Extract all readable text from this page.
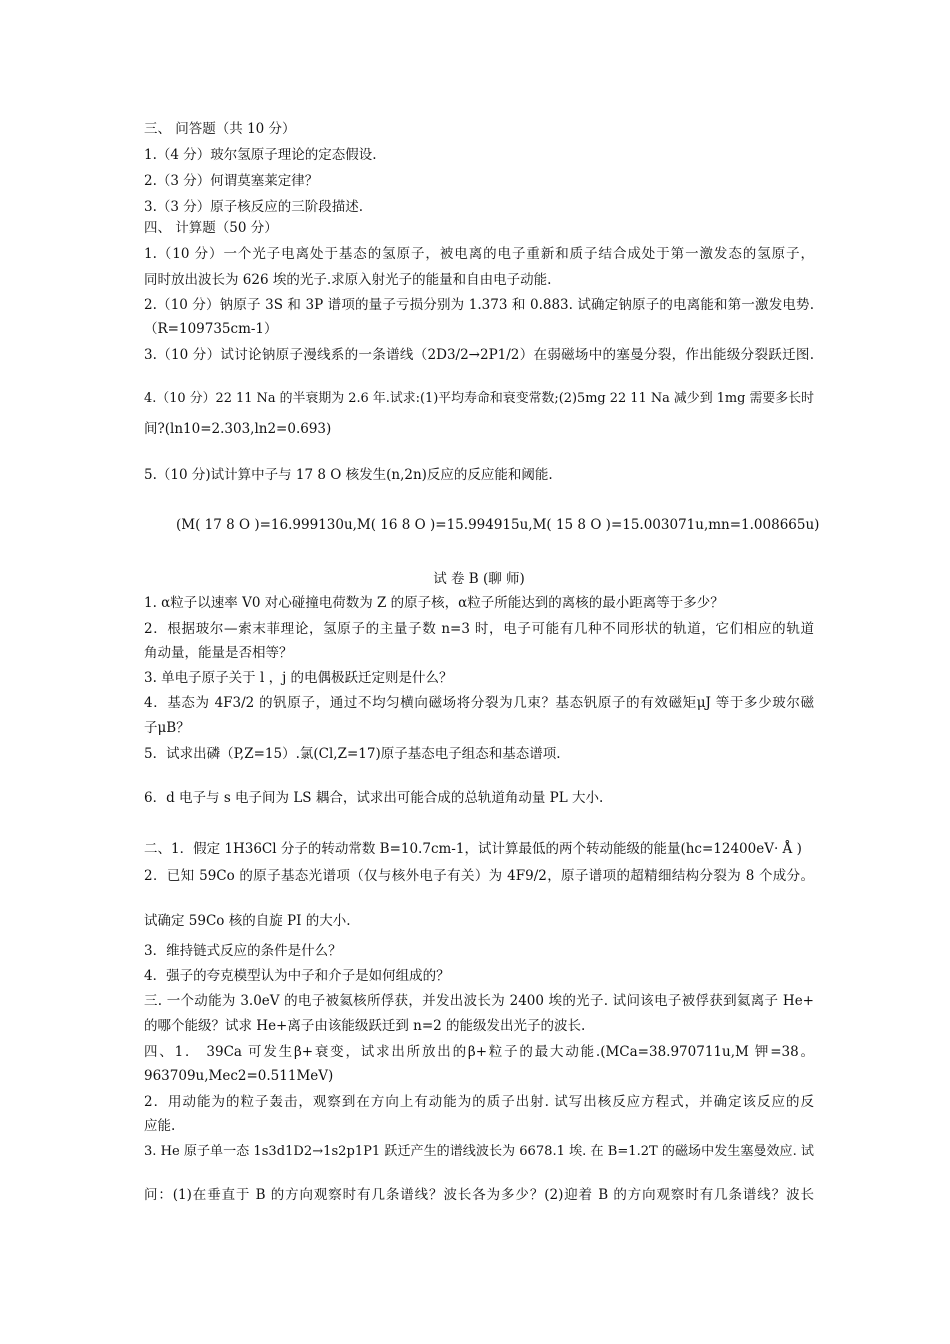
三、 问答题（共 10 分）
1.（4 分）玻尔氢原子理论的定态假设.
2.（3 分）何谓莫塞莱定律？
3.（3 分）原子核反应的三阶段描述.
四、 计算题（50 分）
1.（10 分）一个光子电离处于基态的氢原子，被电离的电子重新和质子结合成处于第一激发态的氢原子，
同时放出波长为 626 埃的光子.求原入射光子的能量和自由电子动能.
2.（10 分）钠原子 3S 和 3P 谱项的量子亏损分别为 1.373 和 0.883. 试确定钠原子的电离能和第一激发电势.
（R=109735cm-1）
3.（10 分）试讨论钠原子漫线系的一条谱线（2D3/2→2P1/2）在弱磁场中的塞曼分裂，作出能级分裂跃迁图.
4.（10 分）22 11 Na 的半衰期为 2.6 年.试求:(1)平均寿命和衰变常数;(2)5mg 22 11 Na 减少到 1mg 需要多长时
间?(ln10=2.303,ln2=0.693)
5.（10 分)试计算中子与 17 8 O 核发生(n,2n)反应的反应能和阈能.
(M( 17 8 O )=16.999130u,M( 16 8 O )=15.994915u,M( 15 8 O )=15.003071u,mn=1.008665u)
试 卷 B (聊 师)
1. α粒子以速率 V0 对心碰撞电荷数为 Z 的原子核，α粒子所能达到的离核的最小距离等于多少？
2．根据玻尔—索末菲理论，氢原子的主量子数 n=3 时，电子可能有几种不同形状的轨道，它们相应的轨道
角动量，能量是否相等？
3. 单电子原子关于 l ，j 的电偶极跃迁定则是什么？
4．基态为 4F3/2 的钒原子，通过不均匀横向磁场将分裂为几束？基态钒原子的有效磁矩μJ 等于多少玻尔磁
子μB？
5．试求出磷（P,Z=15）.氯(Cl,Z=17)原子基态电子组态和基态谱项.
6．d 电子与 s 电子间为 LS 耦合，试求出可能合成的总轨道角动量 PL 大小.
二、1．假定 1H36Cl 分子的转动常数 B=10.7cm-1，试计算最低的两个转动能级的能量(hc=12400eV· Å )
2．已知 59Co 的原子基态光谱项（仅与核外电子有关）为 4F9/2，原子谱项的超精细结构分裂为 8 个成分。
试确定 59Co 核的自旋 PI 的大小.
3．维持链式反应的条件是什么？
4．强子的夸克模型认为中子和介子是如何组成的？
三. 一个动能为 3.0eV 的电子被氦核所俘获，并发出波长为 2400 埃的光子. 试问该电子被俘获到氦离子 He+
的哪个能级？试求 He+离子由该能级跃迁到 n=2 的能级发出光子的波长.
四、1． 39Ca 可发生β+衰变，试求出所放出的β+粒子的最大动能.(MCa=38.970711u,M 钾=38。
963709u,Mec2=0.511MeV)
2．用动能为的粒子轰击，观察到在方向上有动能为的质子出射. 试写出核反应方程式，并确定该反应的反
应能.
3. He 原子单一态 1s3d1D2→1s2p1P1 跃迁产生的谱线波长为 6678.1 埃. 在 B=1.2T 的磁场中发生塞曼效应. 试
问：(1)在垂直于 B 的方向观察时有几条谱线？波长各为多少？(2)迎着 B 的方向观察时有几条谱线？波长
